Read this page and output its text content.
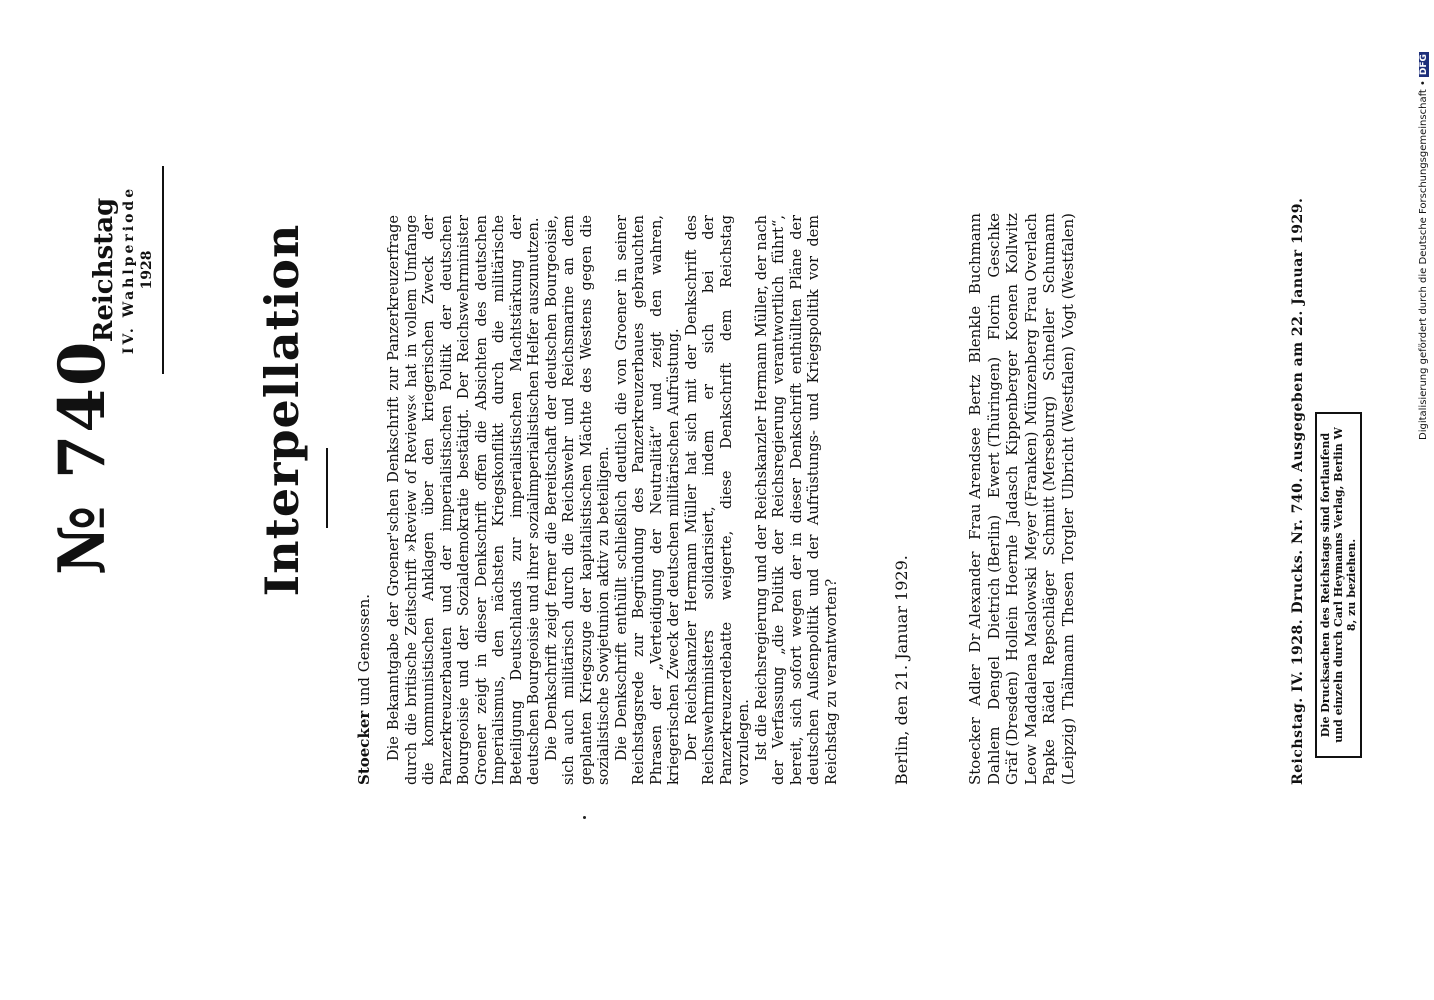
№ 740
Reichstag IV. Wahlperiode 1928 Interpellation
Stoecker und Genossen. Die Bekanntgabe der Groener'schen Denkschrift zur Panzerkreuzerfrage durch die britische Zeitschrift »Review of Reviews« hat in vollem Umfange die kommunistischen Anklagen über den kriegerischen Zweck der Panzerkreuzerbauten und der imperialistischen Politik der deutschen Bourgeoisie und der Sozialdemokratie bestätigt. Der Reichswehrminister Groener zeigt in dieser Denkschrift offen die Absichten des deutschen Imperialismus, den nächsten Kriegskonflikt durch die militärische Beteiligung Deutschlands zur imperialistischen Machtstärkung der deutschen Bourgeoisie und ihrer sozialimperialistischen Helfer auszunutzen. Die Denkschrift zeigt ferner die Bereitschaft der deutschen Bourgeoisie, sich auch militärisch durch die Reichswehr und Reichsmarine an dem geplanten Kriegszuge der kapitalistischen Mächte des Westens gegen die sozialistische Sowjetunion aktiv zu beteiligen. Die Denkschrift enthüllt schließlich deutlich die von Groener in seiner Reichstagsrede zur Begründung des Panzerkreuzerbaues gebrauchten Phrasen der „Verteidigung der Neutralität“ und zeigt den wahren, kriegerischen Zweck der deutschen militärischen Aufrüstung. Der Reichskanzler Hermann Müller hat sich mit der Denkschrift des Reichswehrministers solidarisiert, indem er sich bei der Panzerkreuzerdebatte weigerte, diese Denkschrift dem Reichstag vorzulegen. Ist die Reichsregierung und der Reichskanzler Hermann Müller, der nach der Verfassung „die Politik der Reichsregierung verantwortlich führt“, bereit, sich sofort wegen der in dieser Denkschrift enthüllten Pläne der deutschen Außenpolitik und der Aufrüstungs- und Kriegspolitik vor dem Reichstag zu verantworten?	Berlin, den 21. Januar 1929.	Stoecker
Adler
Dr Alexander
Frau Arendsee
Bertz
Blenkle
Buchmann
Dahlem
Dengel
Dietrich (Berlin)
Ewert (Thüringen)
Florin
Geschke
Gräf (Dresden)
Hollein
Hoernle
Jadasch
Kippenberger
Koenen
Kollwitz
Leow
Maddalena
Maslowski
Meyer (Franken)
Münzenberg
Frau Overlach
Papke
Rädel
Repschläger
Schmitt (Merseburg)
Schneller
Schumann
(Leipzig)
Thälmann
Thesen
Torgler
Ulbricht (Westfalen)
Vogt (Westfalen)	Reichstag. IV. 1928. Drucks. Nr. 740. Ausgegeben am 22. Januar 1929.	Die Drucksachen des Reichstags sind fortlaufend und einzeln durch Carl Heymanns Verlag, Berlin W 8, zu beziehen.
Digitalisierung gefördert durch die Deutsche Forschungsgemeinschaft •
DFG
